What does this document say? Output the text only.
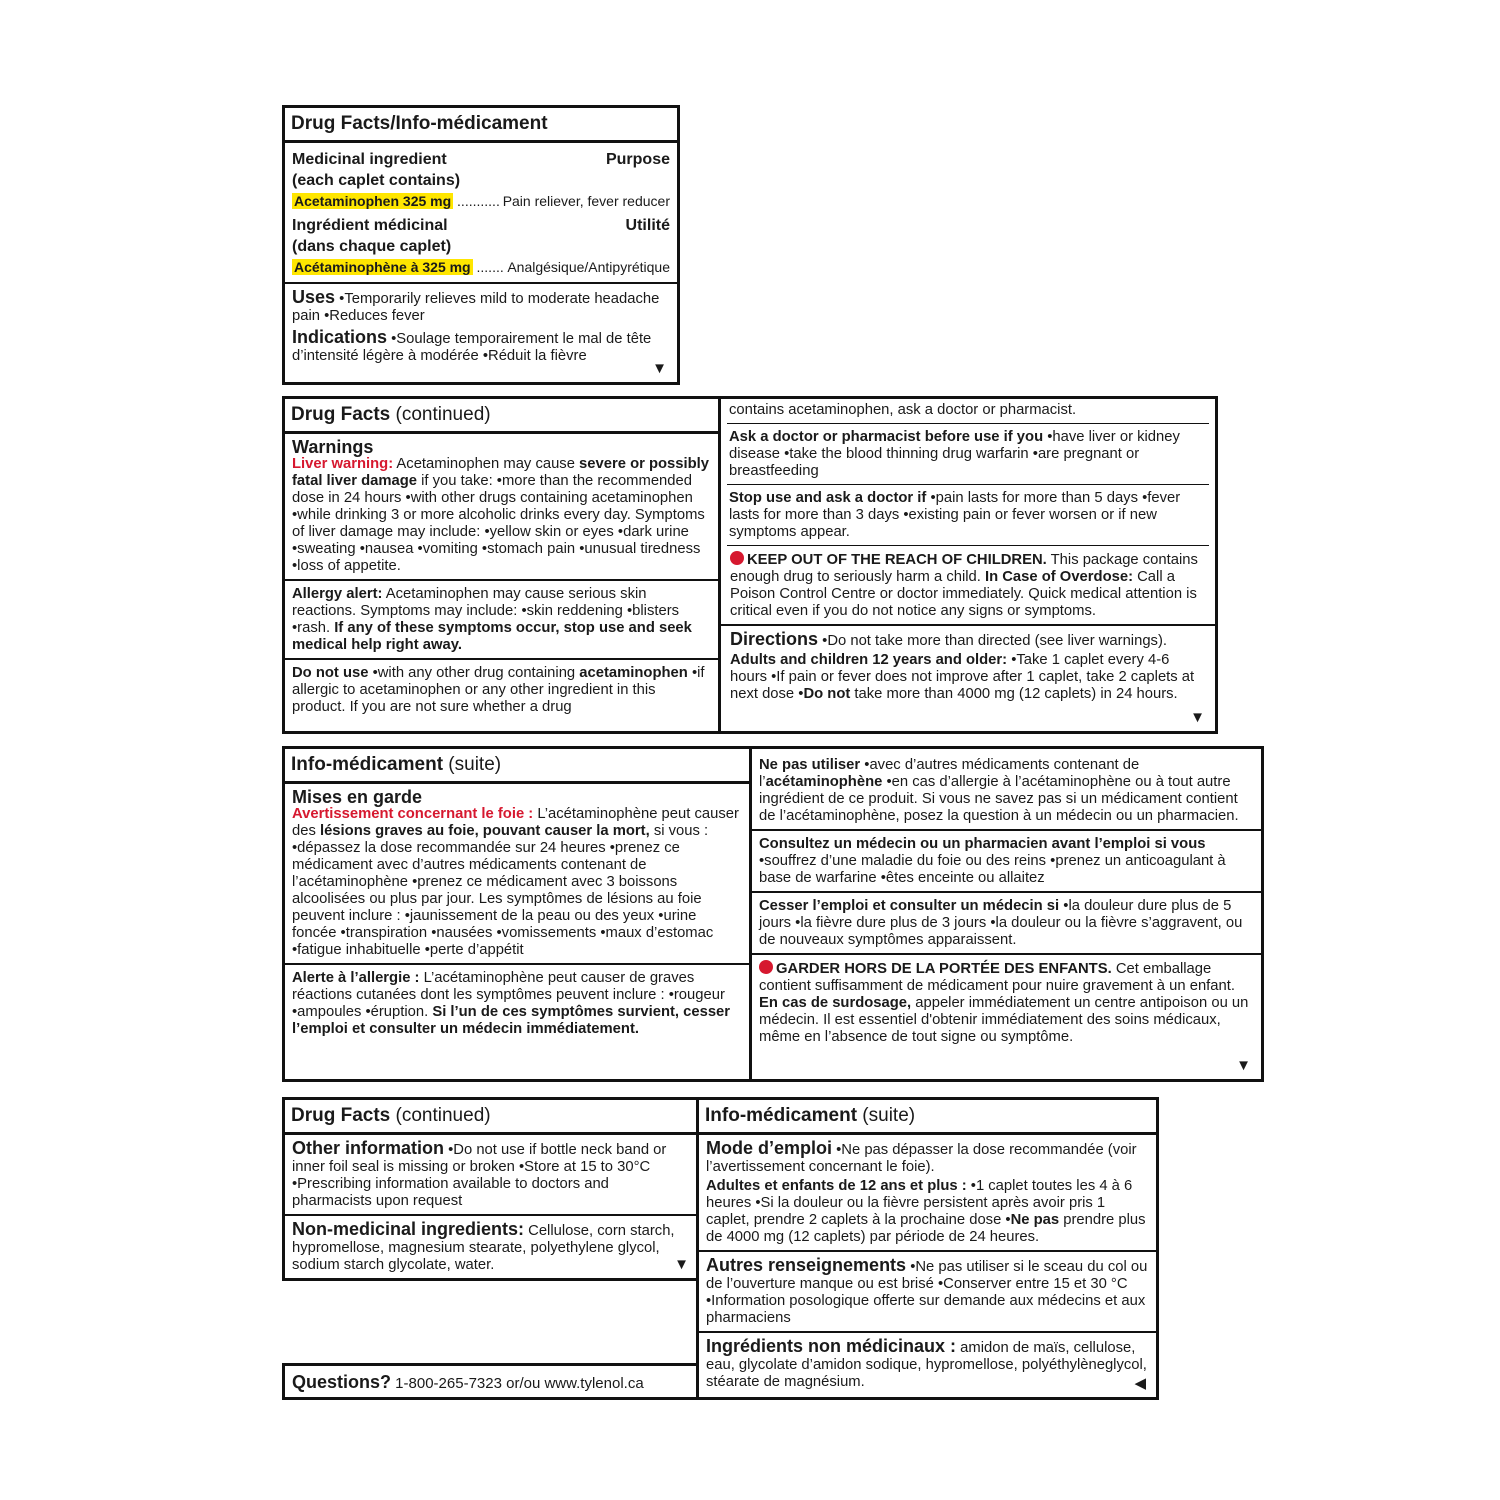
Drug Facts/Info-médicament
Medicinal ingredient	Purpose
(each caplet contains)
Acetaminophen 325 mg ........... Pain reliever, fever reducer
Ingrédient médicinal	Utilité
(dans chaque caplet)
Acétaminophène à 325 mg ....... Analgésique/Antipyrétique
Uses •Temporarily relieves mild to moderate headache pain •Reduces fever
Indications •Soulage temporairement le mal de tête d’intensité légère à modérée •Réduit la fièvre
▼
Drug Facts (continued)
Warnings
Liver warning: Acetaminophen may cause severe or possibly fatal liver damage if you take: •more than the recommended dose in 24 hours •with other drugs containing acetaminophen •while drinking 3 or more alcoholic drinks every day. Symptoms of liver damage may include: •yellow skin or eyes •dark urine •sweating •nausea •vomiting •stomach pain •unusual tiredness •loss of appetite.
Allergy alert: Acetaminophen may cause serious skin reactions. Symptoms may include: •skin reddening •blisters •rash. If any of these symptoms occur, stop use and seek medical help right away.
Do not use •with any other drug containing acetaminophen •if allergic to acetaminophen or any other ingredient in this product. If you are not sure whether a drug
contains acetaminophen, ask a doctor or pharmacist.
Ask a doctor or pharmacist before use if you •have liver or kidney disease •take the blood thinning drug warfarin •are pregnant or breastfeeding
Stop use and ask a doctor if •pain lasts for more than 5 days •fever lasts for more than 3 days •existing pain or fever worsen or if new symptoms appear.
KEEP OUT OF THE REACH OF CHILDREN. This package contains enough drug to seriously harm a child. In Case of Overdose: Call a Poison Control Centre or doctor immediately. Quick medical attention is critical even if you do not notice any signs or symptoms.
Directions •Do not take more than directed (see liver warnings).
Adults and children 12 years and older: •Take 1 caplet every 4-6 hours •If pain or fever does not improve after 1 caplet, take 2 caplets at next dose •Do not take more than 4000 mg (12 caplets) in 24 hours.
▼
Info-médicament (suite)
Mises en garde
Avertissement concernant le foie : L’acétaminophène peut causer des lésions graves au foie, pouvant causer la mort, si vous : •dépassez la dose recommandée sur 24 heures •prenez ce médicament avec d’autres médicaments contenant de l’acétaminophène •prenez ce médicament avec 3 boissons alcoolisées ou plus par jour. Les symptômes de lésions au foie peuvent inclure : •jaunissement de la peau ou des yeux •urine foncée •transpiration •nausées •vomissements •maux d’estomac •fatigue inhabituelle •perte d’appétit
Alerte à l’allergie : L’acétaminophène peut causer de graves réactions cutanées dont les symptômes peuvent inclure : •rougeur •ampoules •éruption. Si l’un de ces symptômes survient, cesser l’emploi et consulter un médecin immédiatement.
Ne pas utiliser •avec d’autres médicaments contenant de l’acétaminophène •en cas d’allergie à l’acétaminophène ou à tout autre ingrédient de ce produit. Si vous ne savez pas si un médicament contient de l’acétaminophène, posez la question à un médecin ou un pharmacien.
Consultez un médecin ou un pharmacien avant l’emploi si vous •souffrez d’une maladie du foie ou des reins •prenez un anticoagulant à base de warfarine •êtes enceinte ou allaitez
Cesser l’emploi et consulter un médecin si •la douleur dure plus de 5 jours •la fièvre dure plus de 3 jours •la douleur ou la fièvre s’aggravent, ou de nouveaux symptômes apparaissent.
GARDER HORS DE LA PORTÉE DES ENFANTS. Cet emballage contient suffisamment de médicament pour nuire gravement à un enfant. En cas de surdosage, appeler immédiatement un centre antipoison ou un médecin. Il est essentiel d'obtenir immédiatement des soins médicaux, même en l’absence de tout signe ou symptôme.
▼
Drug Facts (continued)
Other information •Do not use if bottle neck band or inner foil seal is missing or broken •Store at 15 to 30°C •Prescribing information available to doctors and pharmacists upon request
Non-medicinal ingredients: Cellulose, corn starch, hypromellose, magnesium stearate, polyethylene glycol, sodium starch glycolate, water.	▼
Questions? 1-800-265-7323 or/ou www.tylenol.ca
Info-médicament (suite)
Mode d’emploi •Ne pas dépasser la dose recommandée (voir l’avertissement concernant le foie).
Adultes et enfants de 12 ans et plus : •1 caplet toutes les 4 à 6 heures •Si la douleur ou la fièvre persistent après avoir pris 1 caplet, prendre 2 caplets à la prochaine dose •Ne pas prendre plus de 4000 mg (12 caplets) par période de 24 heures.
Autres renseignements •Ne pas utiliser si le sceau du col ou de l’ouverture manque ou est brisé •Conserver entre 15 et 30 °C •Information posologique offerte sur demande aux médecins et aux pharmaciens
Ingrédients non médicinaux : amidon de maïs, cellulose, eau, glycolate d’amidon sodique, hypromellose, polyéthylèneglycol, stéarate de magnésium.	◀
